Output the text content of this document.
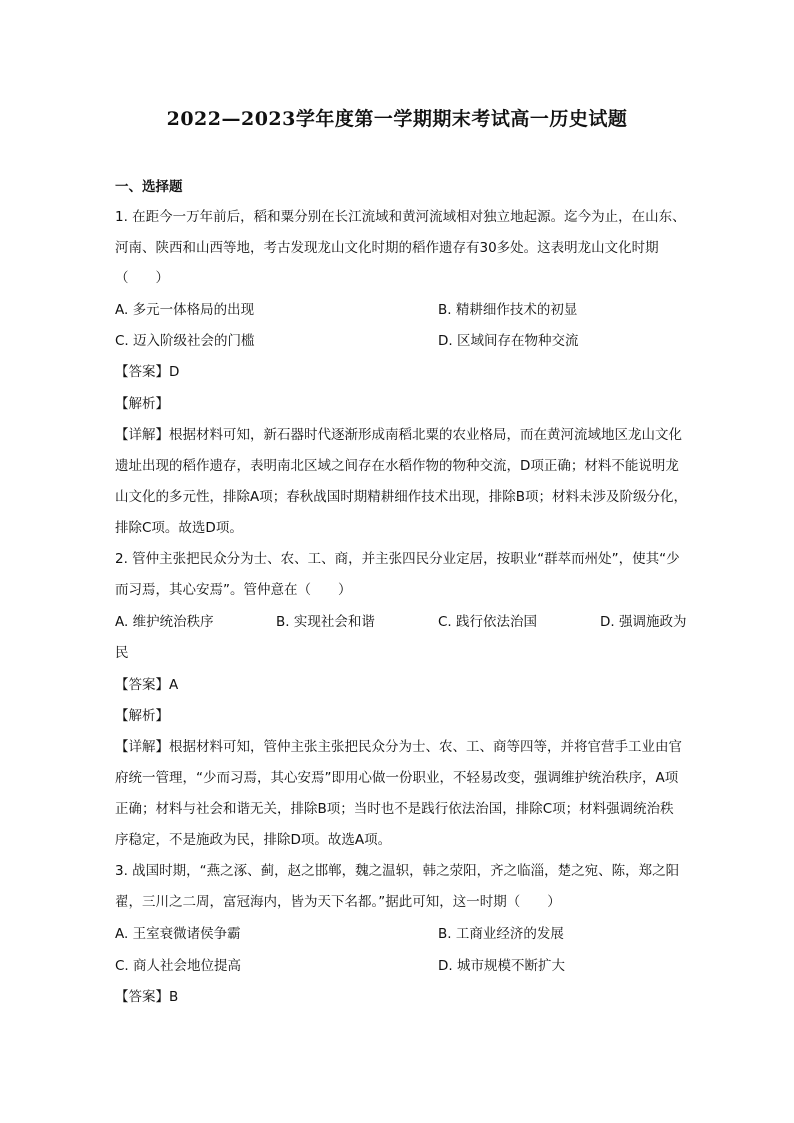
2022—2023学年度第一学期期末考试高一历史试题
一、选择题
1. 在距今一万年前后，稻和粟分别在长江流域和黄河流域相对独立地起源。迄今为止，在山东、
河南、陕西和山西等地，考古发现龙山文化时期的稻作遗存有30多处。这表明龙山文化时期
（　　）
A. 多元一体格局的出现	B. 精耕细作技术的初显
C. 迈入阶级社会的门槛	D. 区域间存在物种交流
【答案】D
【解析】
【详解】根据材料可知，新石器时代逐渐形成南稻北粟的农业格局，而在黄河流域地区龙山文化
遗址出现的稻作遗存，表明南北区域之间存在水稻作物的物种交流，D项正确；材料不能说明龙
山文化的多元性，排除A项；春秋战国时期精耕细作技术出现，排除B项；材料未涉及阶级分化，
排除C项。故选D项。
2. 管仲主张把民众分为士、农、工、商，并主张四民分业定居，按职业“群萃而州处”，使其“少
而习焉，其心安焉”。管仲意在（　　）
A. 维护统治秩序	B. 实现社会和谐	C. 践行依法治国	D. 强调施政为
民
【答案】A
【解析】
【详解】根据材料可知，管仲主张主张把民众分为士、农、工、商等四等，并将官营手工业由官
府统一管理，“少而习焉，其心安焉”即用心做一份职业，不轻易改变，强调维护统治秩序，A项
正确；材料与社会和谐无关，排除B项；当时也不是践行依法治国，排除C项；材料强调统治秩
序稳定，不是施政为民，排除D项。故选A项。
3. 战国时期，“燕之涿、蓟，赵之邯郸，魏之温轵，韩之荥阳，齐之临淄，楚之宛、陈，郑之阳
翟，三川之二周，富冠海内，皆为天下名都。”据此可知，这一时期（　　）
A. 王室衰微诸侯争霸	B. 工商业经济的发展
C. 商人社会地位提高	D. 城市规模不断扩大
【答案】B
